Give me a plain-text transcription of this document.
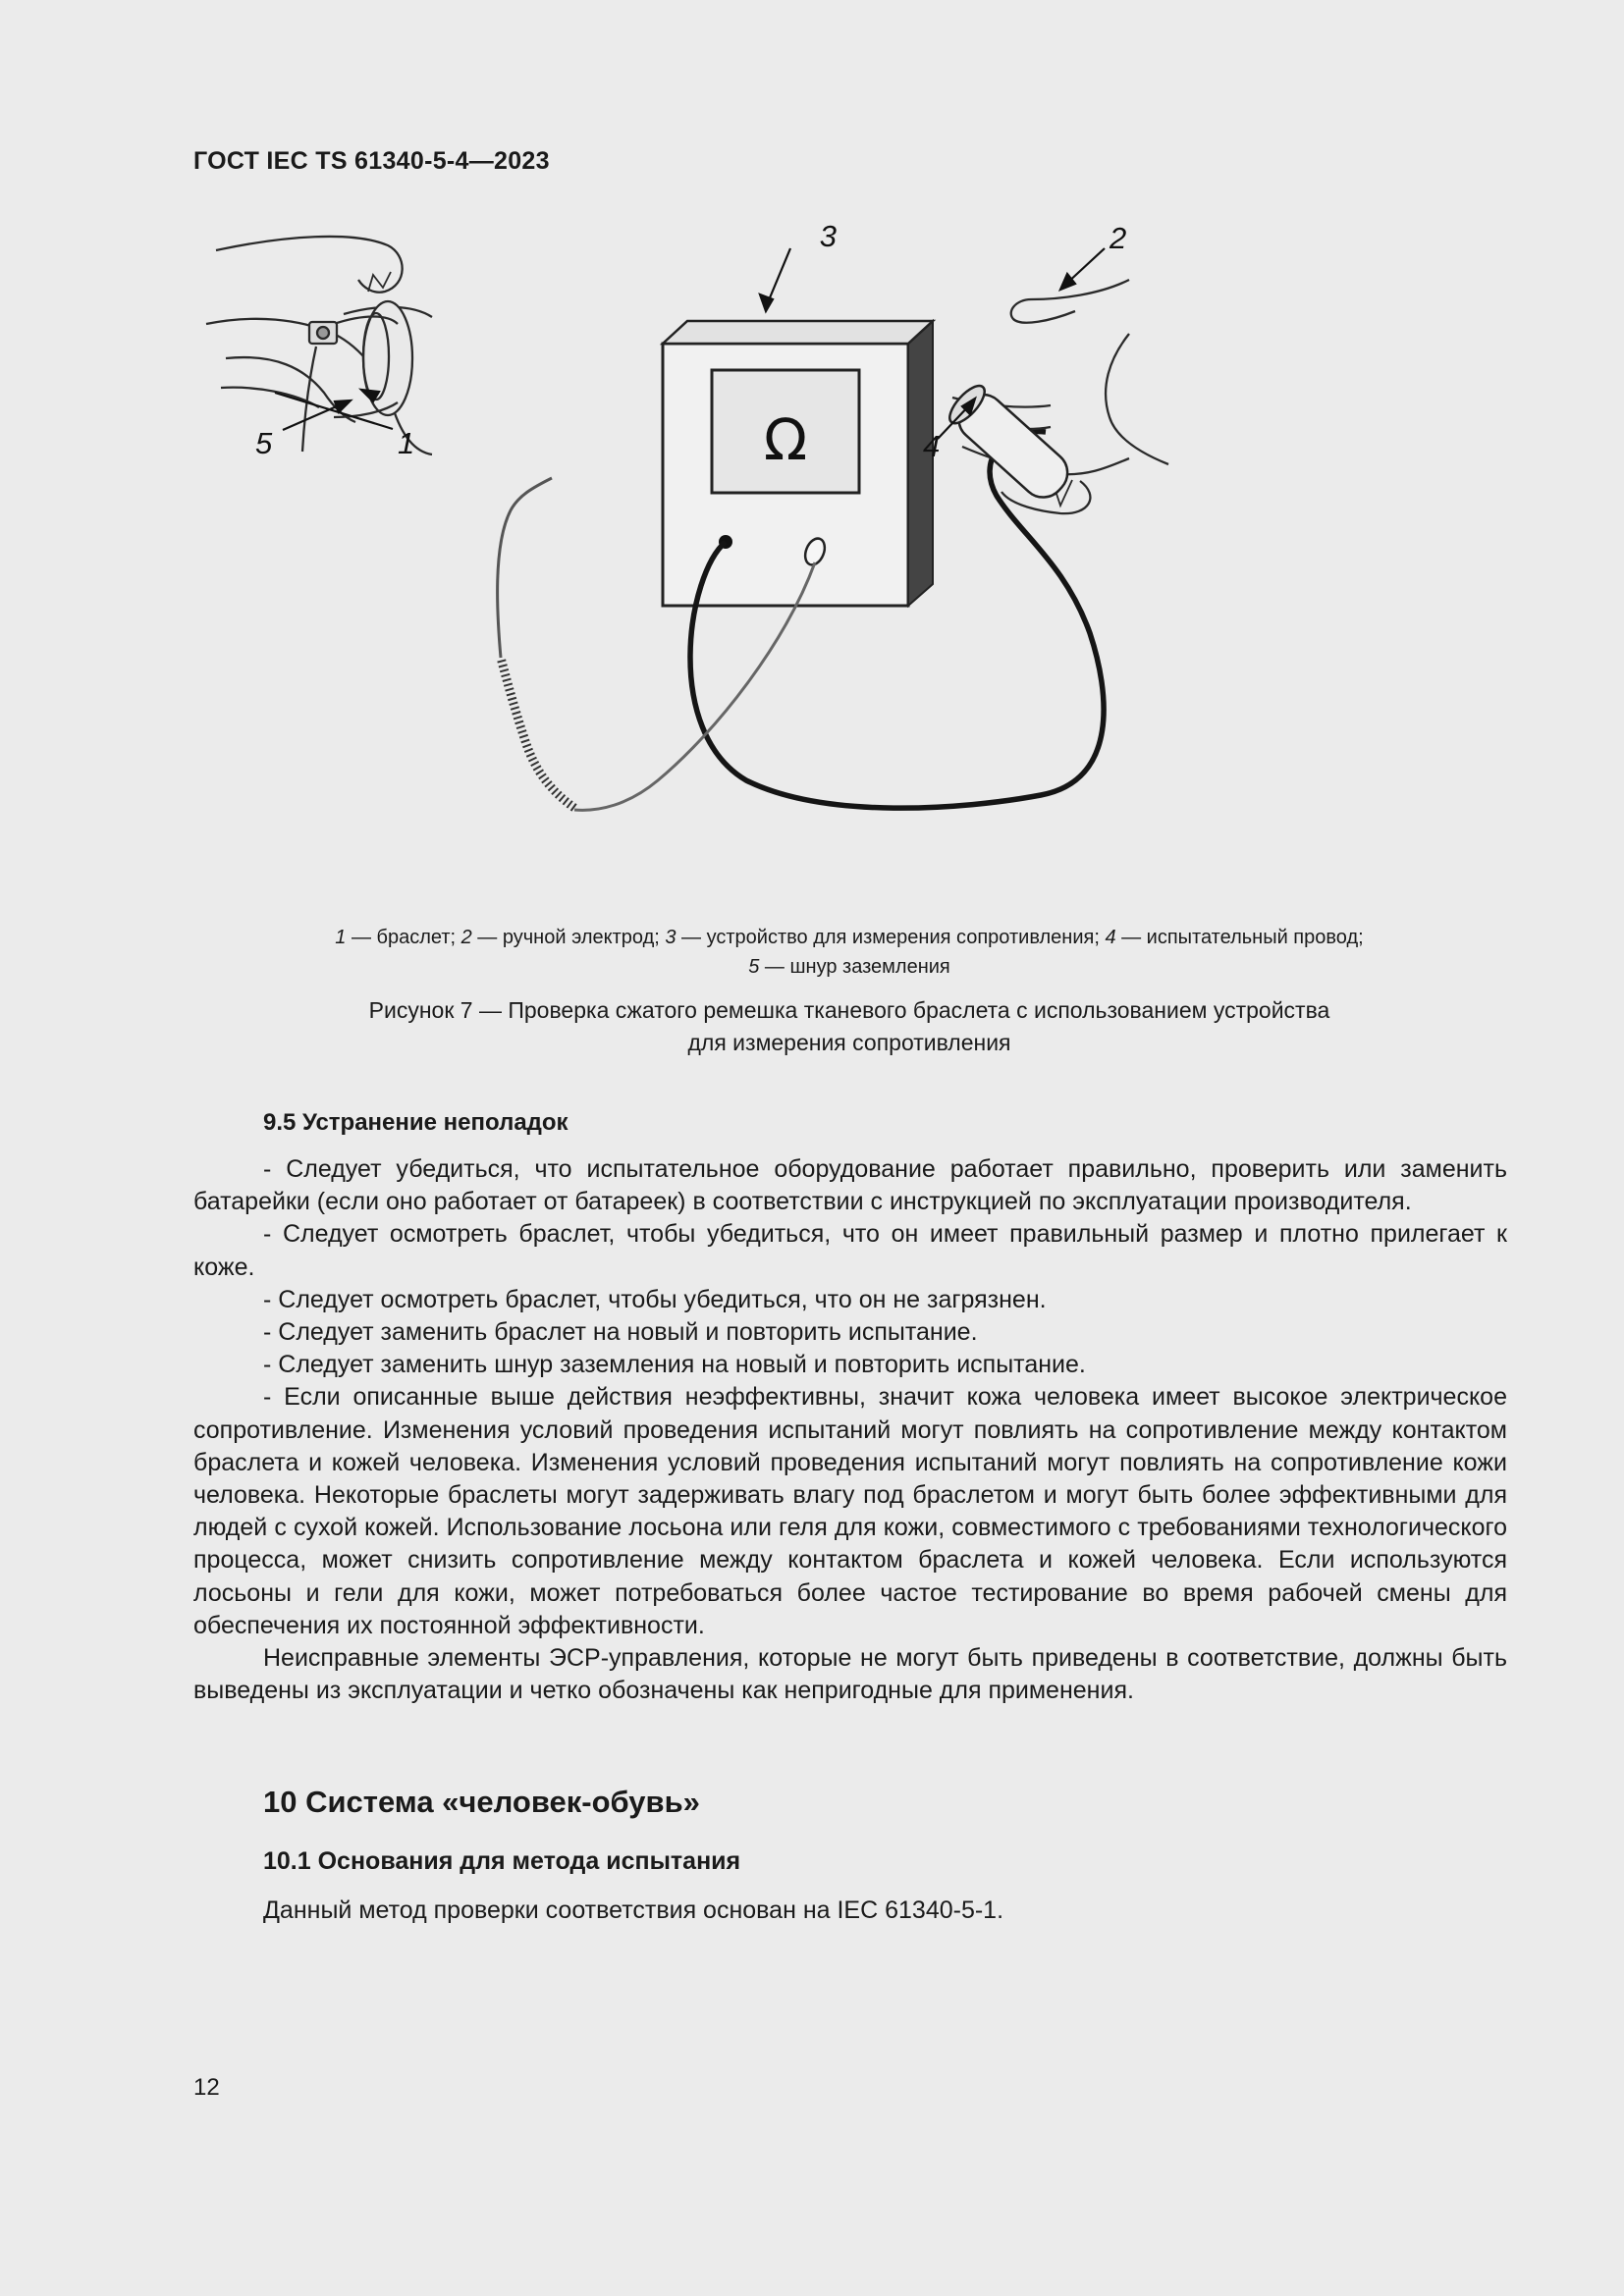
ГОСТ IEC TS 61340-5-4—2023
Ω
3	2
4
1
5
1 — браслет; 2 — ручной электрод; 3 — устройство для измерения сопротивления; 4 — испытательный провод;
5 — шнур заземления
Рисунок 7 — Проверка сжатого ремешка тканевого браслета с использованием устройства
для измерения сопротивления
9.5 Устранение неполадок

- Следует убедиться, что испытательное оборудование работает правильно, проверить или заменить батарейки (если оно работает от батареек) в соответствии с инструкцией по эксплуатации производителя.

- Следует осмотреть браслет, чтобы убедиться, что он имеет правильный размер и плотно прилегает к коже.

- Следует осмотреть браслет, чтобы убедиться, что он не загрязнен.

- Следует заменить браслет на новый и повторить испытание.

- Следует заменить шнур заземления на новый и повторить испытание.

- Если описанные выше действия неэффективны, значит кожа человека имеет высокое электрическое сопротивление. Изменения условий проведения испытаний могут повлиять на сопротивление между контактом браслета и кожей человека. Изменения условий проведения испытаний могут повлиять на сопротивление кожи человека. Некоторые браслеты могут задерживать влагу под браслетом и могут быть более эффективными для людей с сухой кожей. Использование лосьона или геля для кожи, совместимого с требованиями технологического процесса, может снизить сопротивление между контактом браслета и кожей человека. Если используются лосьоны и гели для кожи, может потребоваться более частое тестирование во время рабочей смены для обеспечения их постоянной эффективности.

Неисправные элементы ЭСР-управления, которые не могут быть приведены в соответствие, должны быть выведены из эксплуатации и четко обозначены как непригодные для применения.

10 Система «человек-обувь»
10.1 Основания для метода испытания
Данный метод проверки соответствия основан на IEC 61340-5-1.
12
